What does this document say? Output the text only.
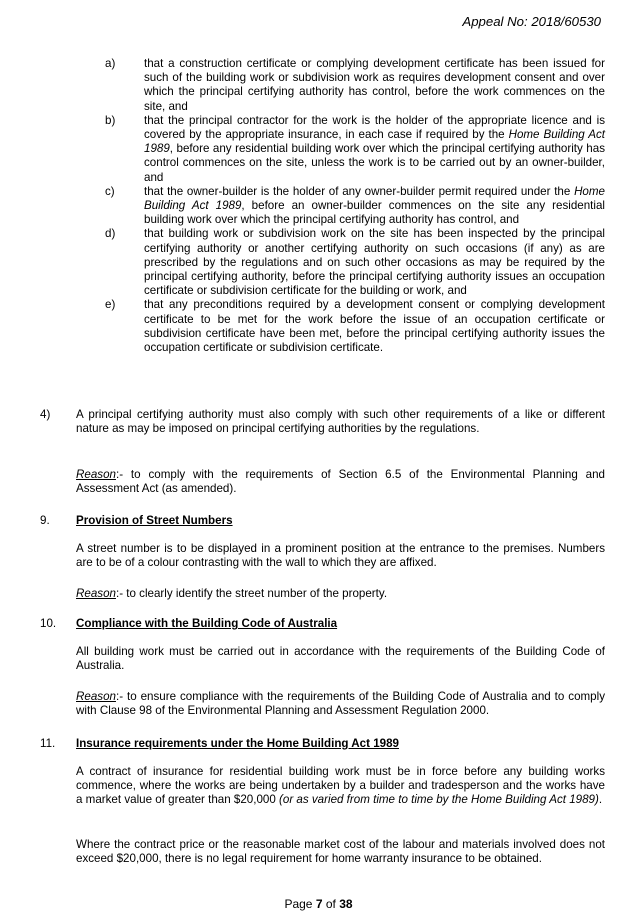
Appeal No: 2018/60530
a) that a construction certificate or complying development certificate has been issued for such of the building work or subdivision work as requires development consent and over which the principal certifying authority has control, before the work commences on the site, and
b) that the principal contractor for the work is the holder of the appropriate licence and is covered by the appropriate insurance, in each case if required by the Home Building Act 1989, before any residential building work over which the principal certifying authority has control commences on the site, unless the work is to be carried out by an owner-builder, and
c)	that the owner-builder is the holder of any owner-builder permit required under the Home Building Act 1989, before an owner-builder commences on the site any residential building work over which the principal certifying authority has control, and
d) that building work or subdivision work on the site has been inspected by the principal certifying authority or another certifying authority on such occasions (if any) as are prescribed by the regulations and on such other occasions as may be required by the principal certifying authority, before the principal certifying authority issues an occupation certificate or subdivision certificate for the building or work, and
e) that any preconditions required by a development consent or complying development certificate to be met for the work before the issue of an occupation certificate or subdivision certificate have been met, before the principal certifying authority issues the occupation certificate or subdivision certificate.
4) A principal certifying authority must also comply with such other requirements of a like or different nature as may be imposed on principal certifying authorities by the regulations.
Reason:- to comply with the requirements of Section 6.5 of the Environmental Planning and Assessment Act (as amended).
9. Provision of Street Numbers
A street number is to be displayed in a prominent position at the entrance to the premises. Numbers are to be of a colour contrasting with the wall to which they are affixed.
Reason:- to clearly identify the street number of the property.
10. Compliance with the Building Code of Australia
All building work must be carried out in accordance with the requirements of the Building Code of Australia.
Reason:- to ensure compliance with the requirements of the Building Code of Australia and to comply with Clause 98 of the Environmental Planning and Assessment Regulation 2000.
11. Insurance requirements under the Home Building Act 1989
A contract of insurance for residential building work must be in force before any building works commence, where the works are being undertaken by a builder and tradesperson and the works have a market value of greater than $20,000 (or as varied from time to time by the Home Building Act 1989).
Where the contract price or the reasonable market cost of the labour and materials involved does not exceed $20,000, there is no legal requirement for home warranty insurance to be obtained.
Page 7 of 38
